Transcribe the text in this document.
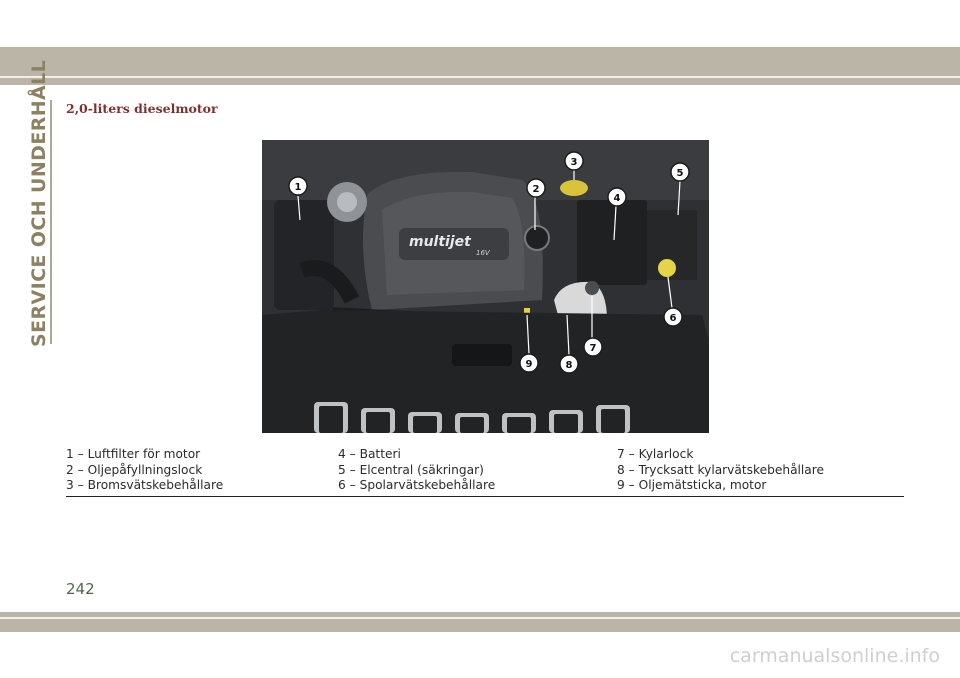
SERVICE OCH UNDERHÅLL 2,0-liters dieselmotor
multijet
16V
1	2
3
4
5
6
7
8
9
1 – Luftfilter för motor
2 – Oljepåfyllningslock
3 – Bromsvätskebehållare
4 – Batteri
5 – Elcentral (säkringar)
6 – Spolarvätskebehållare
7 – Kylarlock
8 – Trycksatt kylarvätskebehållare
9 – Oljemätsticka, motor
242
carmanualsonline.info
